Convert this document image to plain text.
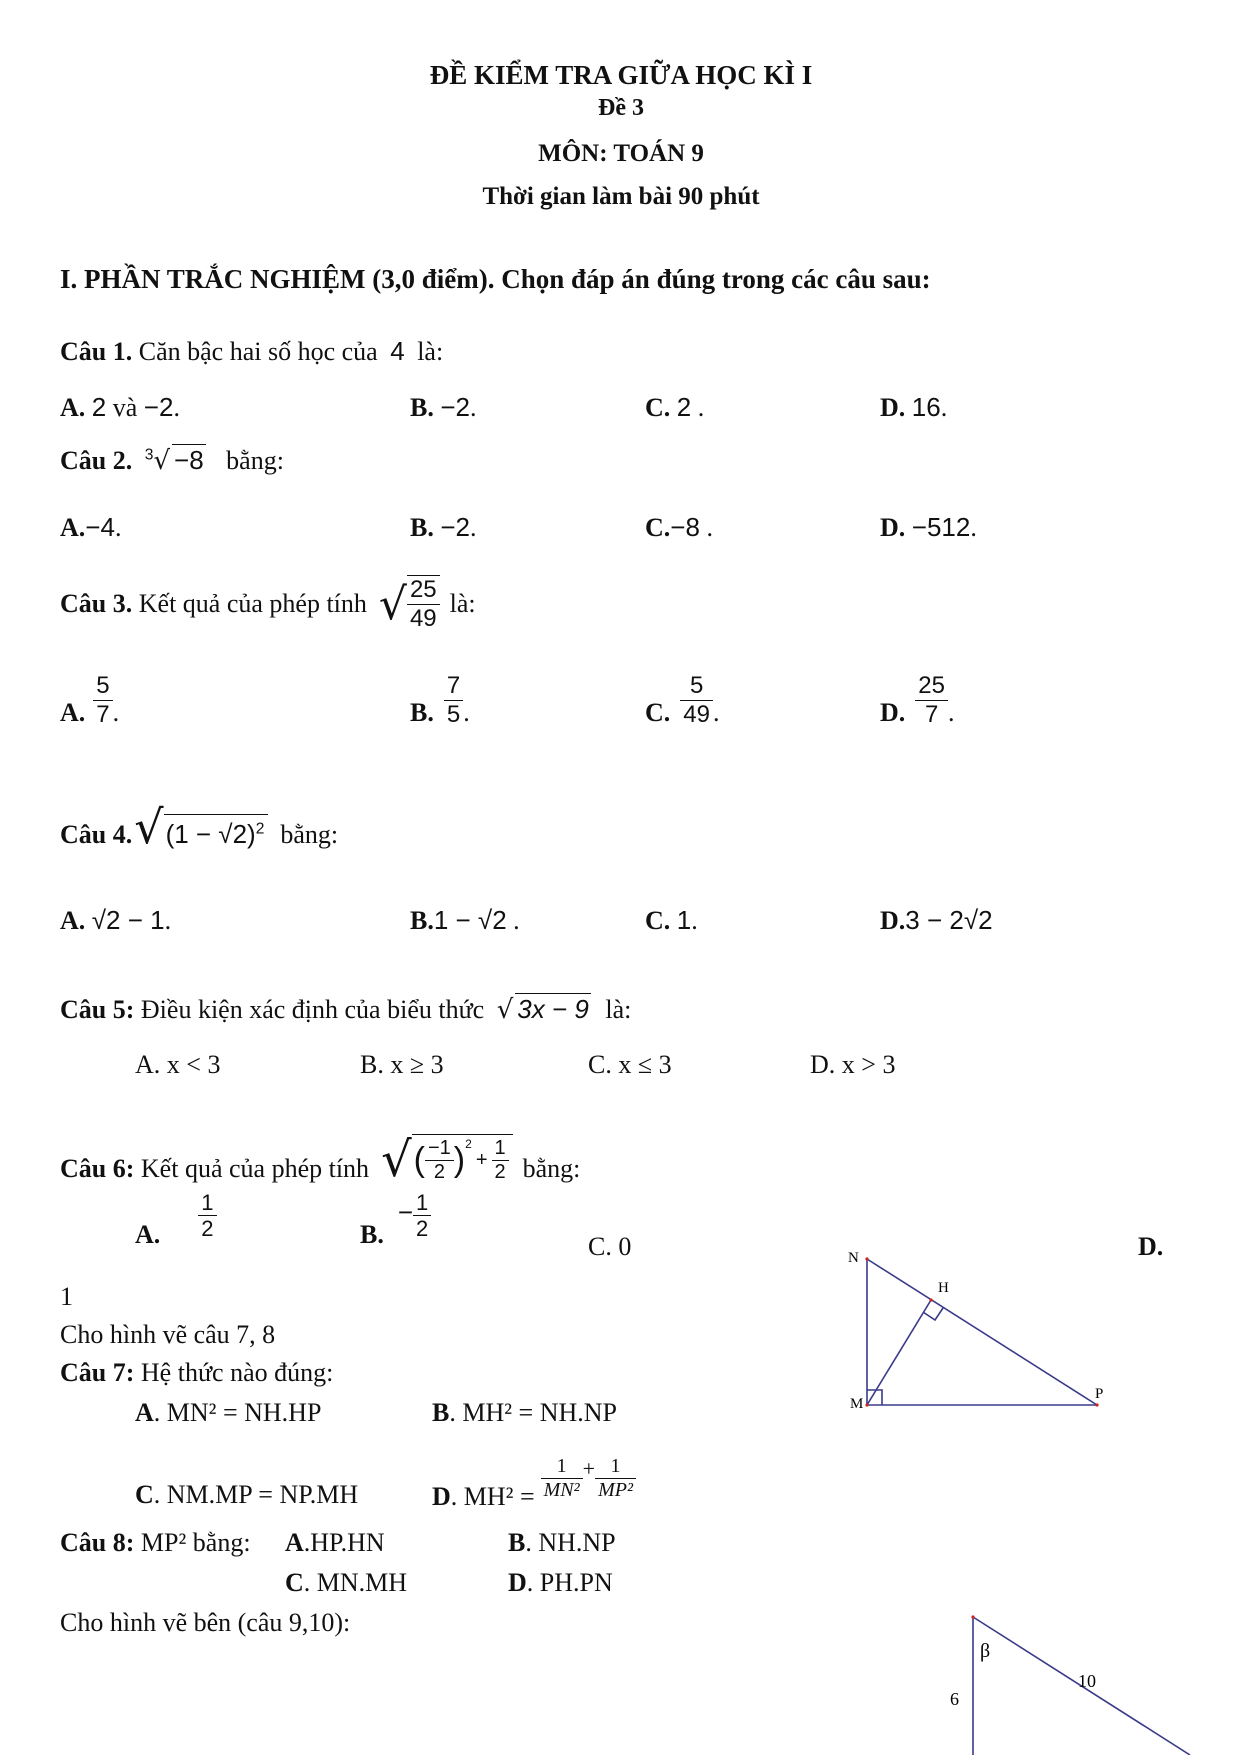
ĐỀ KIỂM TRA GIỮA HỌC KÌ I
Đề 3
MÔN: TOÁN 9
Thời gian làm bài 90 phút
I. PHẦN TRẮC NGHIỆM (3,0 điểm). Chọn đáp án đúng trong các câu sau:
Câu 1. Căn bậc hai số học của 4 là:
A. 2 và −2.	B. −2.	C. 2 .	D. 16.
Câu 2. $^3$√ −8 bằng:
A.−4.	B. −2.	C.−8 .	D. −512.
Câu 3.
Kết quả của phép tính √ $\frac{25}{49}$ là:
A. $\frac{5}{7}$ .	B. $\frac{7}{5}$ .	C. $\frac{5}{49}$ .	D. $\frac{25}{7}$ .
Câu 4. √ $(1 - √2)^2$ bằng:
A. √2 − 1.	B.1 − √2 .	C. 1.	D.3 − 2√2
Câu 5: Điều kiện xác định của biểu thức √ 3x − 9 là:
A. x < 3	B. x ≥ 3	C. x ≤ 3	D. x > 3
Câu 6:
Kết quả của phép tính √ ( $\frac{-1}{2} )^2$
+ $\frac{1}{2}$ bằng:
A. $\frac{1}{2}$	B.
− $\frac{1}{2}$
C. 0	D.
1
Cho hình vẽ câu 7, 8
Câu 7: Hệ thức nào đúng:
A. MN² = NH.HP	B. MH² = NH.NP
C. NM.MP = NP.MH	D . $MH^2 = \frac{1}{\text{MN²}} + \frac{1}{\text{MP²}}$
Câu 8: MP² bằng: A.HP.HN	B. NH.NP
C. MN.MH	D. PH.PN
Cho hình vẽ bên (câu 9,10):
N
H
M
P
β
6
10
